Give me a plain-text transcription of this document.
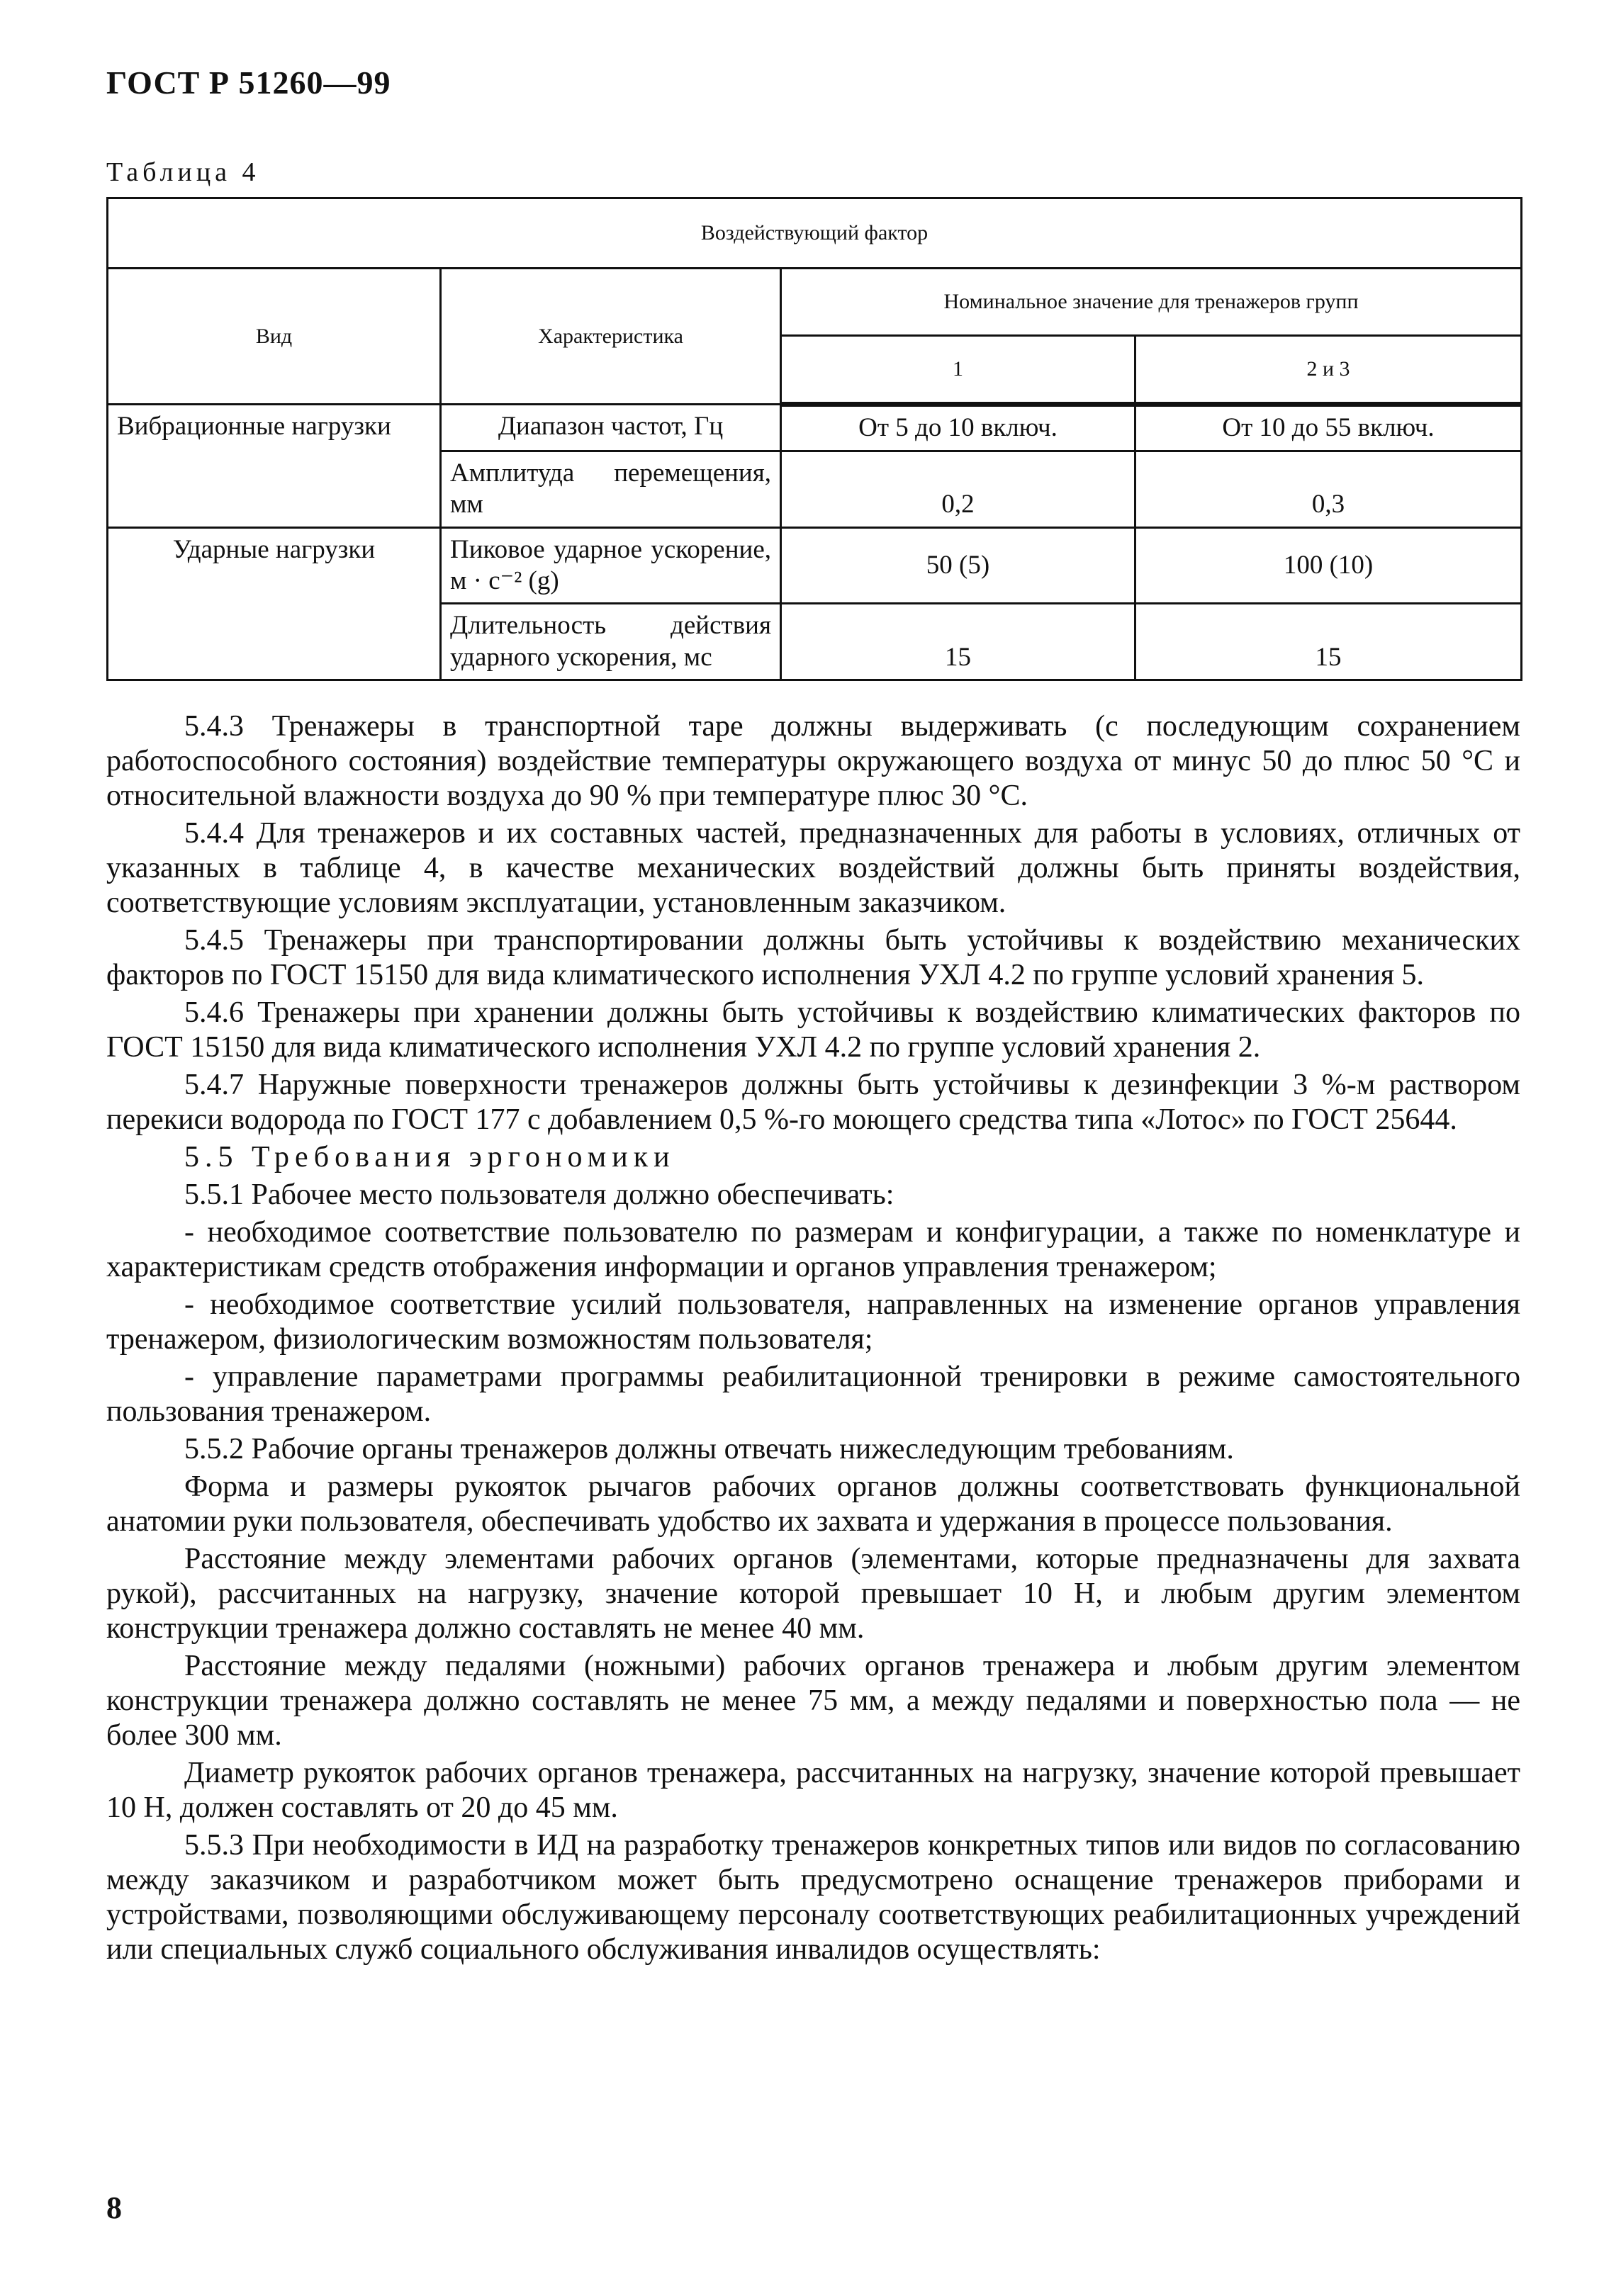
ГОСТ Р 51260—99
Таблица 4
Воздействующий фактор			
Вид	Характеристика	Номинальное значение для тренажеров групп	
		1	2 и 3
Вибрационные нагрузки	Диапазон частот, Гц	От 5 до 10 включ.	От 10 до 55 включ.
	Амплитуда перемещения, мм	0,2	0,3
Ударные нагрузки	Пиковое ударное ускорение, м · с⁻² (g)	50 (5)	100 (10)
	Длительность действия ударного ускорения, мс	15	15

5.4.3 Тренажеры в транспортной таре должны выдерживать (с последующим сохранением работоспособного состояния) воздействие температуры окружающего воздуха от минус 50 до плюс 50 °С и относительной влажности воздуха до 90 % при температуре плюс 30 °С.

5.4.4 Для тренажеров и их составных частей, предназначенных для работы в условиях, отличных от указанных в таблице 4, в качестве механических воздействий должны быть приняты воздействия, соответствующие условиям эксплуатации, установленным заказчиком.

5.4.5 Тренажеры при транспортировании должны быть устойчивы к воздействию механических факторов по ГОСТ 15150 для вида климатического исполнения УХЛ 4.2 по группе условий хранения 5.

5.4.6 Тренажеры при хранении должны быть устойчивы к воздействию климатических факторов по ГОСТ 15150 для вида климатического исполнения УХЛ 4.2 по группе условий хранения 2.

5.4.7 Наружные поверхности тренажеров должны быть устойчивы к дезинфекции 3 %-м раствором перекиси водорода по ГОСТ 177 с добавлением 0,5 %-го моющего средства типа «Лотос» по ГОСТ 25644.

5.5 Требования эргономики

5.5.1 Рабочее место пользователя должно обеспечивать:

- необходимое соответствие пользователю по размерам и конфигурации, а также по номенклатуре и характеристикам средств отображения информации и органов управления тренажером;

- необходимое соответствие усилий пользователя, направленных на изменение органов управления тренажером, физиологическим возможностям пользователя;

- управление параметрами программы реабилитационной тренировки в режиме самостоятельного пользования тренажером.

5.5.2 Рабочие органы тренажеров должны отвечать нижеследующим требованиям.

Форма и размеры рукояток рычагов рабочих органов должны соответствовать функциональной анатомии руки пользователя, обеспечивать удобство их захвата и удержания в процессе пользования.

Расстояние между элементами рабочих органов (элементами, которые предназначены для захвата рукой), рассчитанных на нагрузку, значение которой превышает 10 Н, и любым другим элементом конструкции тренажера должно составлять не менее 40 мм.

Расстояние между педалями (ножными) рабочих органов тренажера и любым другим элементом конструкции тренажера должно составлять не менее 75 мм, а между педалями и поверхностью пола — не более 300 мм.

Диаметр рукояток рабочих органов тренажера, рассчитанных на нагрузку, значение которой превышает 10 Н, должен составлять от 20 до 45 мм.

5.5.3 При необходимости в ИД на разработку тренажеров конкретных типов или видов по согласованию между заказчиком и разработчиком может быть предусмотрено оснащение тренажеров приборами и устройствами, позволяющими обслуживающему персоналу соответствующих реабилитационных учреждений или специальных служб социального обслуживания инвалидов осуществлять:

8
